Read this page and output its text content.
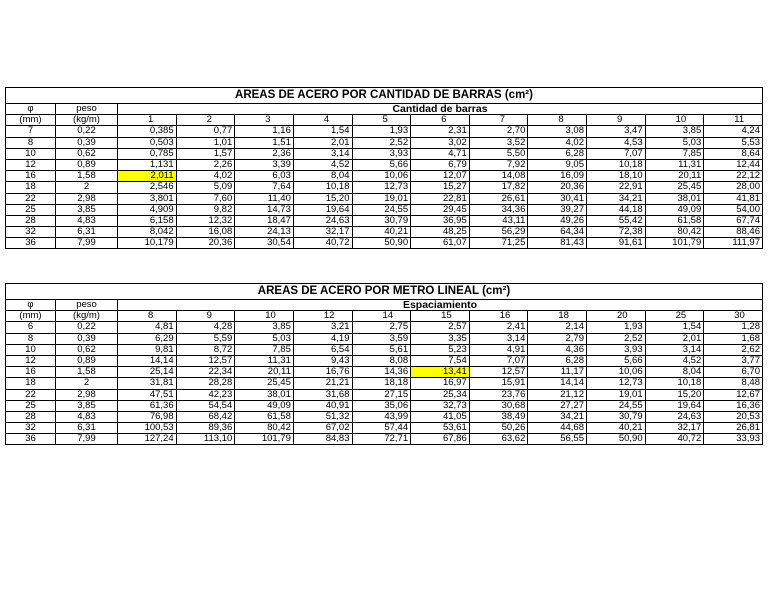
AREAS DE ACERO POR CANTIDAD DE BARRAS (cm²)												
φ	peso	Cantidad de barras										
(mm)	(kg/m)	1	2	3	4	5	6	7	8	9	10	11
7	0,22	0,385	0,77	1,16	1,54	1,93	2,31	2,70	3,08	3,47	3,85	4,24
8	0,39	0,503	1,01	1,51	2,01	2,52	3,02	3,52	4,02	4,53	5,03	5,53
10	0,62	0,785	1,57	2,36	3,14	3,93	4,71	5,50	6,28	7,07	7,85	8,64
12	0,89	1,131	2,26	3,39	4,52	5,66	6,79	7,92	9,05	10,18	11,31	12,44
16	1,58	2,011	4,02	6,03	8,04	10,06	12,07	14,08	16,09	18,10	20,11	22,12
18	2	2,546	5,09	7,64	10,18	12,73	15,27	17,82	20,36	22,91	25,45	28,00
22	2,98	3,801	7,60	11,40	15,20	19,01	22,81	26,61	30,41	34,21	38,01	41,81
25	3,85	4,909	9,82	14,73	19,64	24,55	29,45	34,36	39,27	44,18	49,09	54,00
28	4,83	6,158	12,32	18,47	24,63	30,79	36,95	43,11	49,26	55,42	61,58	67,74
32	6,31	8,042	16,08	24,13	32,17	40,21	48,25	56,29	64,34	72,38	80,42	88,46
36	7,99	10,179	20,36	30,54	40,72	50,90	61,07	71,25	81,43	91,61	101,79	111,97
AREAS DE ACERO POR METRO LINEAL (cm²)												
φ	peso	Espaciamiento										
(mm)	(kg/m)	8	9	10	12	14	15	16	18	20	25	30
6	0,22	4,81	4,28	3,85	3,21	2,75	2,57	2,41	2,14	1,93	1,54	1,28
8	0,39	6,29	5,59	5,03	4,19	3,59	3,35	3,14	2,79	2,52	2,01	1,68
10	0,62	9,81	8,72	7,85	6,54	5,61	5,23	4,91	4,36	3,93	3,14	2,62
12	0,89	14,14	12,57	11,31	9,43	8,08	7,54	7,07	6,28	5,66	4,52	3,77
16	1,58	25,14	22,34	20,11	16,76	14,36	13,41	12,57	11,17	10,06	8,04	6,70
18	2	31,81	28,28	25,45	21,21	18,18	16,97	15,91	14,14	12,73	10,18	8,48
22	2,98	47,51	42,23	38,01	31,68	27,15	25,34	23,76	21,12	19,01	15,20	12,67
25	3,85	61,36	54,54	49,09	40,91	35,06	32,73	30,68	27,27	24,55	19,64	16,36
28	4,83	76,98	68,42	61,58	51,32	43,99	41,05	38,49	34,21	30,79	24,63	20,53
32	6,31	100,53	89,36	80,42	67,02	57,44	53,61	50,26	44,68	40,21	32,17	26,81
36	7,99	127,24	113,10	101,79	84,83	72,71	67,86	63,62	56,55	50,90	40,72	33,93
